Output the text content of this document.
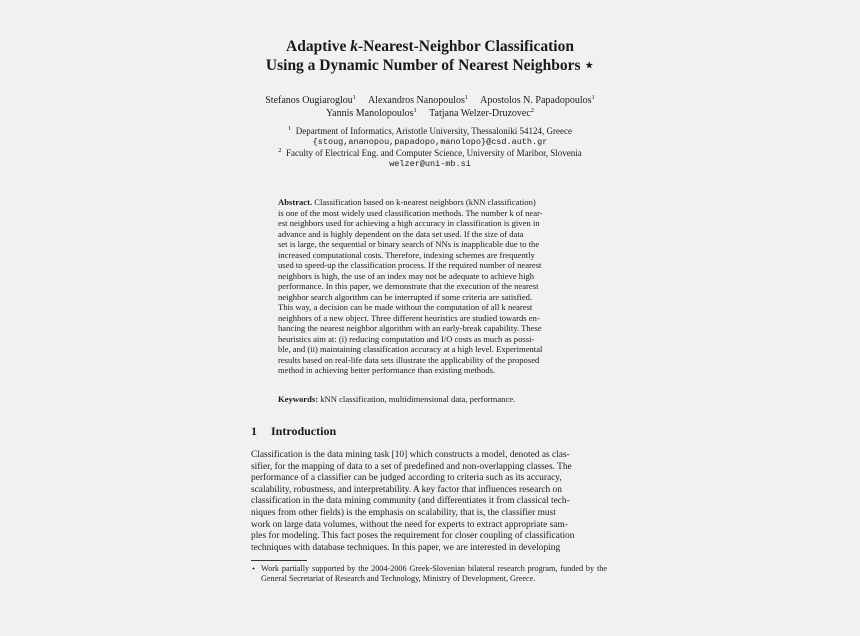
Adaptive k-Nearest-Neighbor Classification
Using a Dynamic Number of Nearest Neighbors ⋆
Stefanos Ougiaroglou$^1$ Alexandros Nanopoulos$^1$ Apostolos N. Papadopoulos$^1$
Yannis Manolopoulos$^1$ Tatjana Welzer-Druzovec$^2$
$^1$ Department of Informatics, Aristotle University, Thessaloniki 54124, Greece
{stoug,ananopou,papadopo,manolopo}@csd.auth.gr
$^2$ Faculty of Electrical Eng. and Computer Science, University of Maribor, Slovenia
welzer@uni-mb.si
Abstract. Classification based on k-nearest neighbors (kNN classification)
is one of the most widely used classification methods. The number k of near-
est neighbors used for achieving a high accuracy in classification is given in
advance and is highly dependent on the data set used. If the size of data
set is large, the sequential or binary search of NNs is inapplicable due to the
increased computational costs. Therefore, indexing schemes are frequently
used to speed-up the classification process. If the required number of nearest
neighbors is high, the use of an index may not be adequate to achieve high
performance. In this paper, we demonstrate that the execution of the nearest
neighbor search algorithm can be interrupted if some criteria are satisfied.
This way, a decision can be made without the computation of all k nearest
neighbors of a new object. Three different heuristics are studied towards en-
hancing the nearest neighbor algorithm with an early-break capability. These
heuristics aim at: (i) reducing computation and I/O costs as much as possi-
ble, and (ii) maintaining classification accuracy at a high level. Experimental
results based on real-life data sets illustrate the applicability of the proposed
method in achieving better performance than existing methods.
Keywords: kNN classification, multidimensional data, performance.
1 Introduction
Classification is the data mining task [10] which constructs a model, denoted as clas-
sifier, for the mapping of data to a set of predefined and non-overlapping classes. The
performance of a classifier can be judged according to criteria such as its accuracy,
scalability, robustness, and interpretability. A key factor that influences research on
classification in the data mining community (and differentiates it from classical tech-
niques from other fields) is the emphasis on scalability, that is, the classifier must
work on large data volumes, without the need for experts to extract appropriate sam-
ples for modeling. This fact poses the requirement for closer coupling of classification
techniques with database techniques. In this paper, we are interested in developing
⋆ Work partially supported by the 2004-2006 Greek-Slovenian bilateral research program, funded by the General Secretariat of Research and Technology, Ministry of Development, Greece.
